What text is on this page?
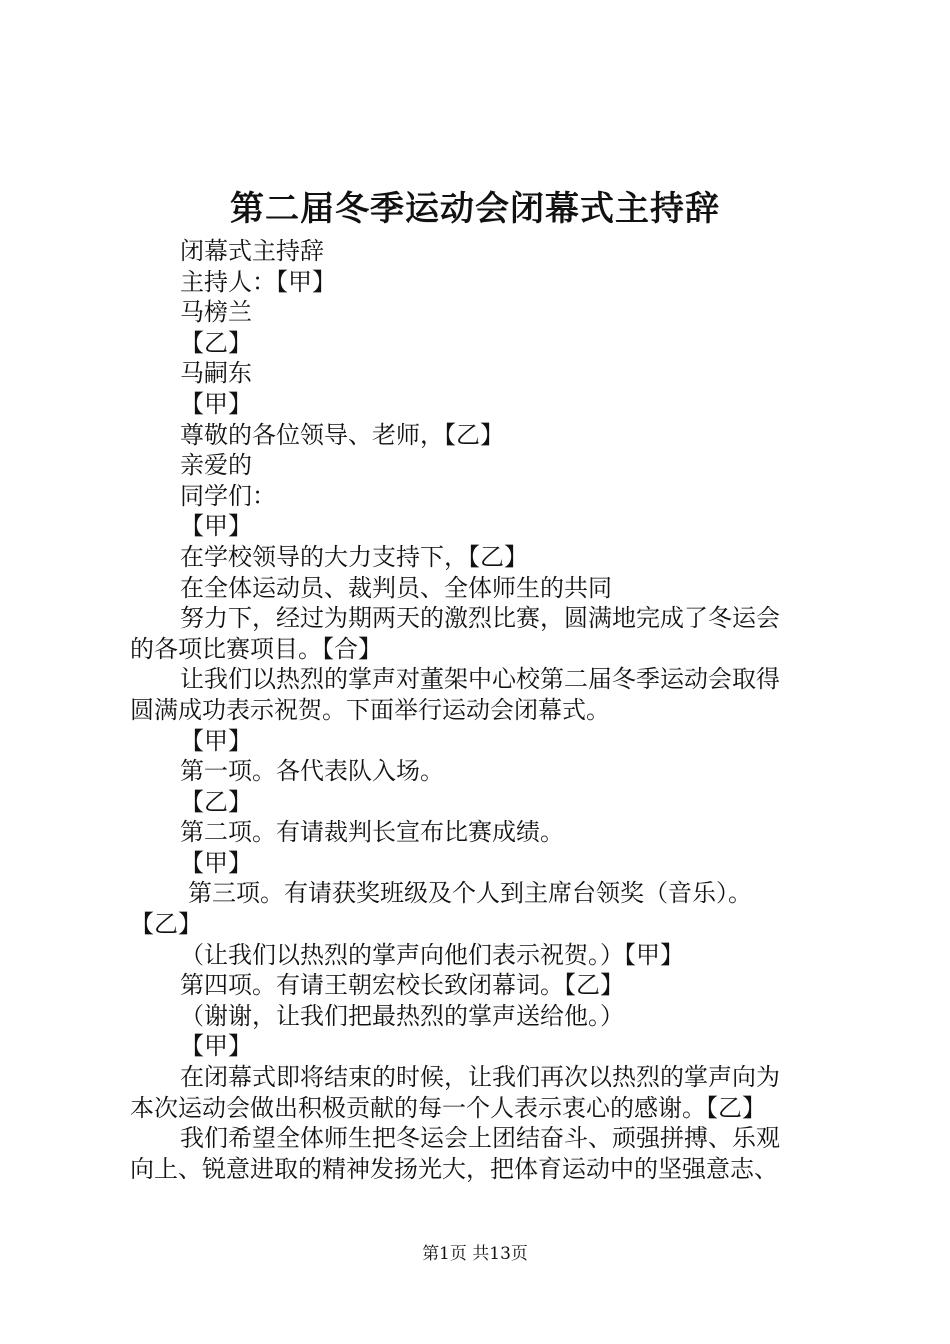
第二届冬季运动会闭幕式主持辞
闭幕式主持辞
主持人：【甲】
马榜兰
【乙】
马嗣东
【甲】
尊敬的各位领导、老师，【乙】
亲爱的
同学们：
【甲】
在学校领导的大力支持下，【乙】
在全体运动员、裁判员、全体师生的共同
努力下，经过为期两天的激烈比赛，圆满地完成了冬运会
的各项比赛项目。【合】
让我们以热烈的掌声对董架中心校第二届冬季运动会取得
圆满成功表示祝贺。下面举行运动会闭幕式。
【甲】
第一项。各代表队入场。
【乙】
第二项。有请裁判长宣布比赛成绩。
【甲】
第三项。有请获奖班级及个人到主席台领奖（音乐）。
【乙】
（让我们以热烈的掌声向他们表示祝贺。）【甲】
第四项。有请王朝宏校长致闭幕词。【乙】
（谢谢，让我们把最热烈的掌声送给他。）
【甲】
在闭幕式即将结束的时候，让我们再次以热烈的掌声向为
本次运动会做出积极贡献的每一个人表示衷心的感谢。【乙】
我们希望全体师生把冬运会上团结奋斗、顽强拼搏、乐观
向上、锐意进取的精神发扬光大，把体育运动中的坚强意志、
第1页 共13页
